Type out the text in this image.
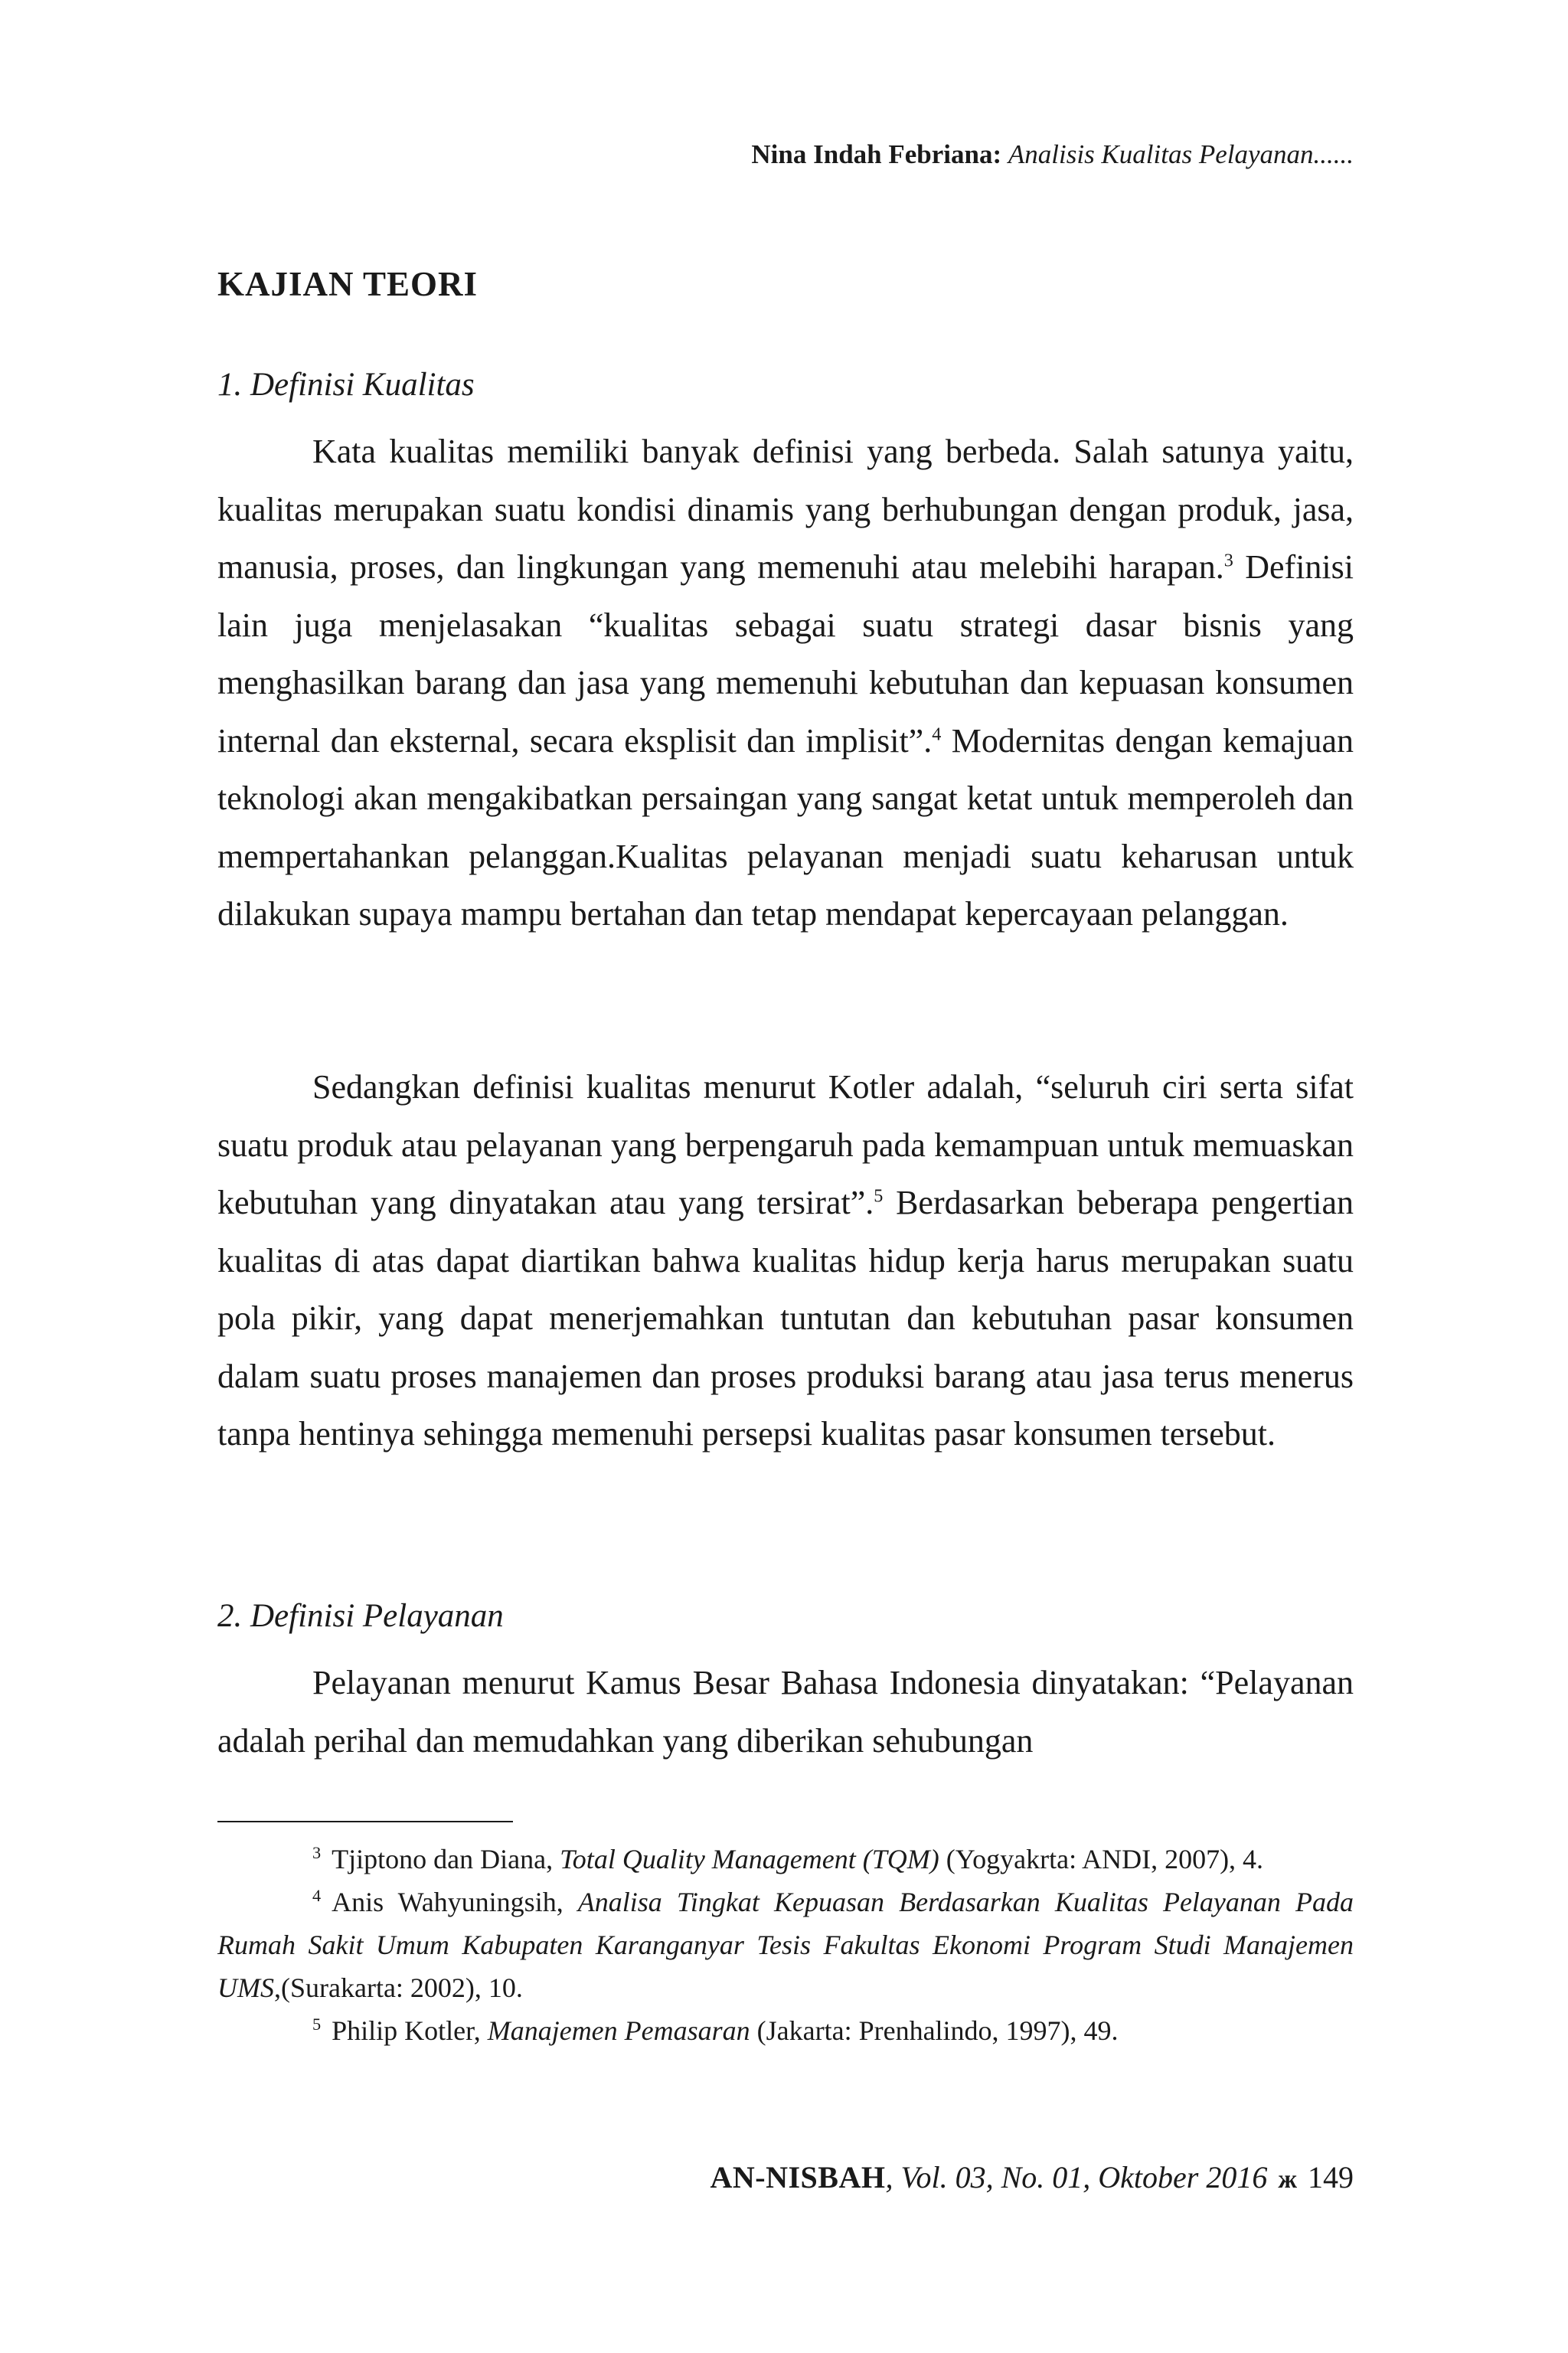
Nina Indah Febriana: Analisis Kualitas Pelayanan......
KAJIAN TEORI
1. Definisi Kualitas

Kata kualitas memiliki banyak definisi yang berbeda. Salah satunya yaitu, kualitas merupakan suatu kondisi dinamis yang berhubungan dengan produk, jasa, manusia, proses, dan lingkungan yang memenuhi atau melebihi harapan.$^3$ Definisi lain juga menjelasakan “kualitas sebagai suatu strategi dasar bisnis yang menghasilkan barang dan jasa yang memenuhi kebutuhan dan kepuasan konsumen internal dan eksternal, secara eksplisit dan implisit”.$^4$ Modernitas dengan kemajuan teknologi akan mengakibatkan persaingan yang sangat ketat untuk memperoleh dan mempertahankan pelanggan.Kualitas pelayanan menjadi suatu keharusan untuk dilakukan supaya mampu bertahan dan tetap mendapat kepercayaan pelanggan.

Sedangkan definisi kualitas menurut Kotler adalah, “seluruh ciri serta sifat suatu produk atau pelayanan yang berpengaruh pada kemampuan untuk memuaskan kebutuhan yang dinyatakan atau yang tersirat”.$^5$ Berdasarkan beberapa pengertian kualitas di atas dapat diartikan bahwa kualitas hidup kerja harus merupakan suatu pola pikir, yang dapat menerjemahkan tuntutan dan kebutuhan pasar konsumen dalam suatu proses manajemen dan proses produksi barang atau jasa terus menerus tanpa hentinya sehingga memenuhi persepsi kualitas pasar konsumen tersebut.

2. Definisi Pelayanan

Pelayanan menurut Kamus Besar Bahasa Indonesia dinyatakan: “Pelayanan adalah perihal dan memudahkan yang diberikan sehubungan

$^3$ Tjiptono dan Diana, Total Quality Management (TQM) (Yogyakrta: ANDI, 2007), 4.

$^4$ Anis Wahyuningsih, Analisa Tingkat Kepuasan Berdasarkan Kualitas Pelayanan Pada Rumah Sakit Umum Kabupaten Karanganyar Tesis Fakultas Ekonomi Program Studi Manajemen UMS,(Surakarta: 2002), 10.

$^5$ Philip Kotler, Manajemen Pemasaran (Jakarta: Prenhalindo, 1997), 49.

AN-NISBAH, Vol. 03, No. 01, Oktober 2016 ж 149
